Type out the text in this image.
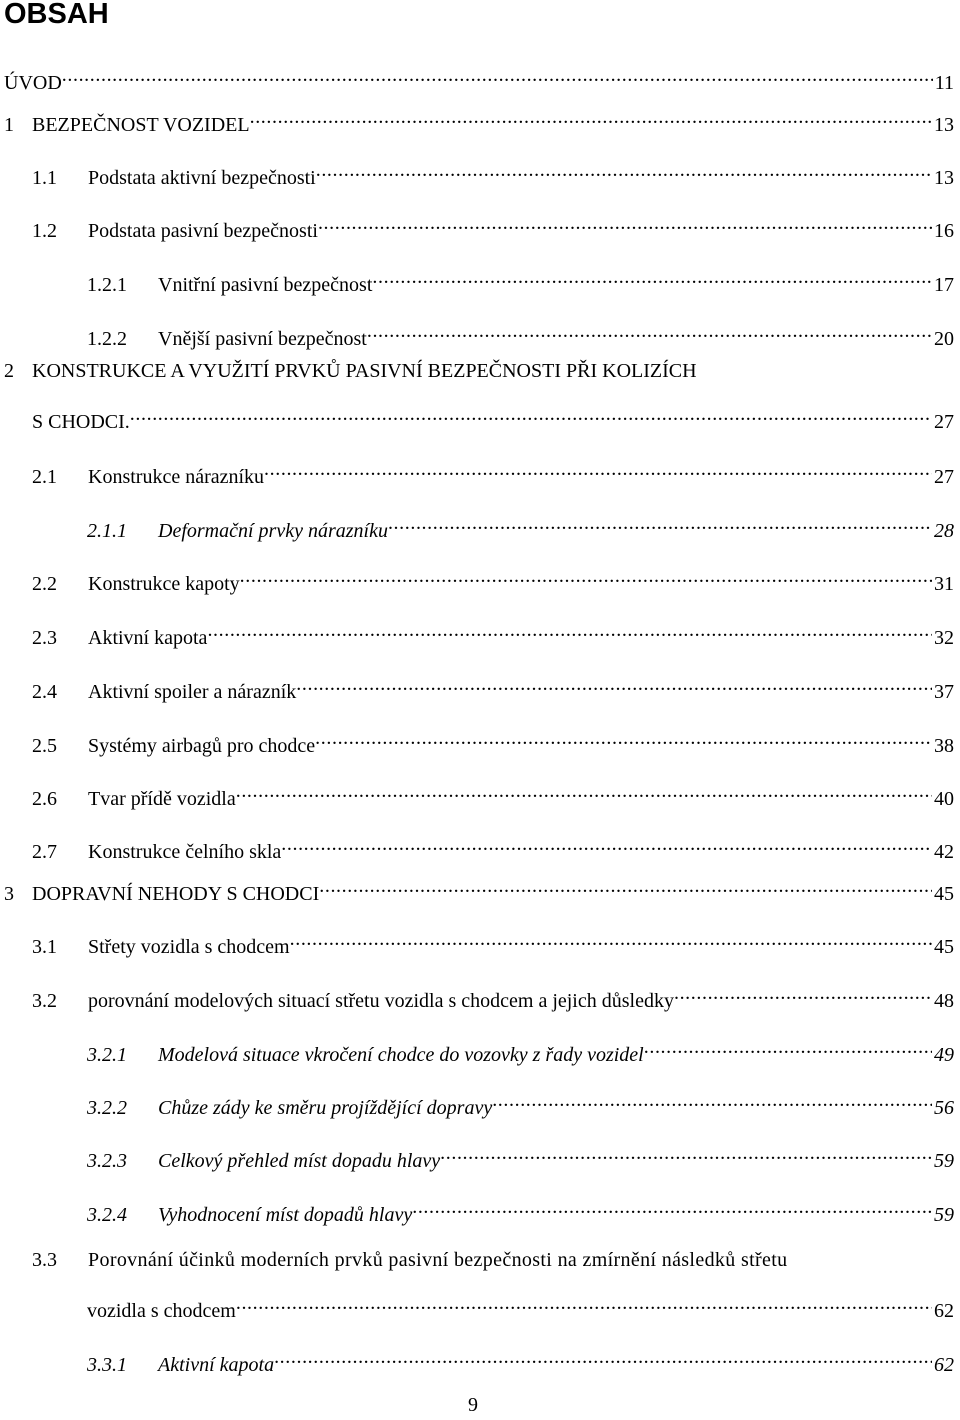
OBSAH
ÚVOD .....	11
1 BEZPEČNOST VOZIDEL .....	13
1.1	Podstata aktivní bezpečnosti .....	13
1.2	Podstata pasivní bezpečnosti .....	16
1.2.1	Vnitřní pasivní bezpečnost .....	17
1.2.2	Vnější pasivní bezpečnost .....	20
2 KONSTRUKCE A VYUŽITÍ PRVKŮ PASIVNÍ BEZPEČNOSTI PŘI KOLIZÍCH
S CHODCI. .....	27
2.1	Konstrukce nárazníku .....	27
2.1.1	Deformační prvky nárazníku .....	28
2.2	Konstrukce kapoty .....	31
2.3	Aktivní kapota .....	32
2.4	Aktivní spoiler a nárazník .....	37
2.5	Systémy airbagů pro chodce .....	38
2.6	Tvar přídě vozidla .....	40
2.7	Konstrukce čelního skla .....	42
3 DOPRAVNÍ NEHODY S CHODCI .....	45
3.1	Střety vozidla s chodcem .....	45
3.2	porovnání modelových situací střetu vozidla s chodcem a jejich důsledky .....	48
3.2.1	Modelová situace vkročení chodce do vozovky z řady vozidel .....	49
3.2.2	Chůze zády ke směru projíždějící dopravy .....	56
3.2.3	Celkový přehled míst dopadu hlavy .....	59
3.2.4	Vyhodnocení míst dopadů hlavy .....	59
3.3 Porovnání účinků moderních prvků pasivní bezpečnosti na zmírnění následků střetu
vozidla s chodcem .....	62
3.3.1	Aktivní kapota .....	62
9
